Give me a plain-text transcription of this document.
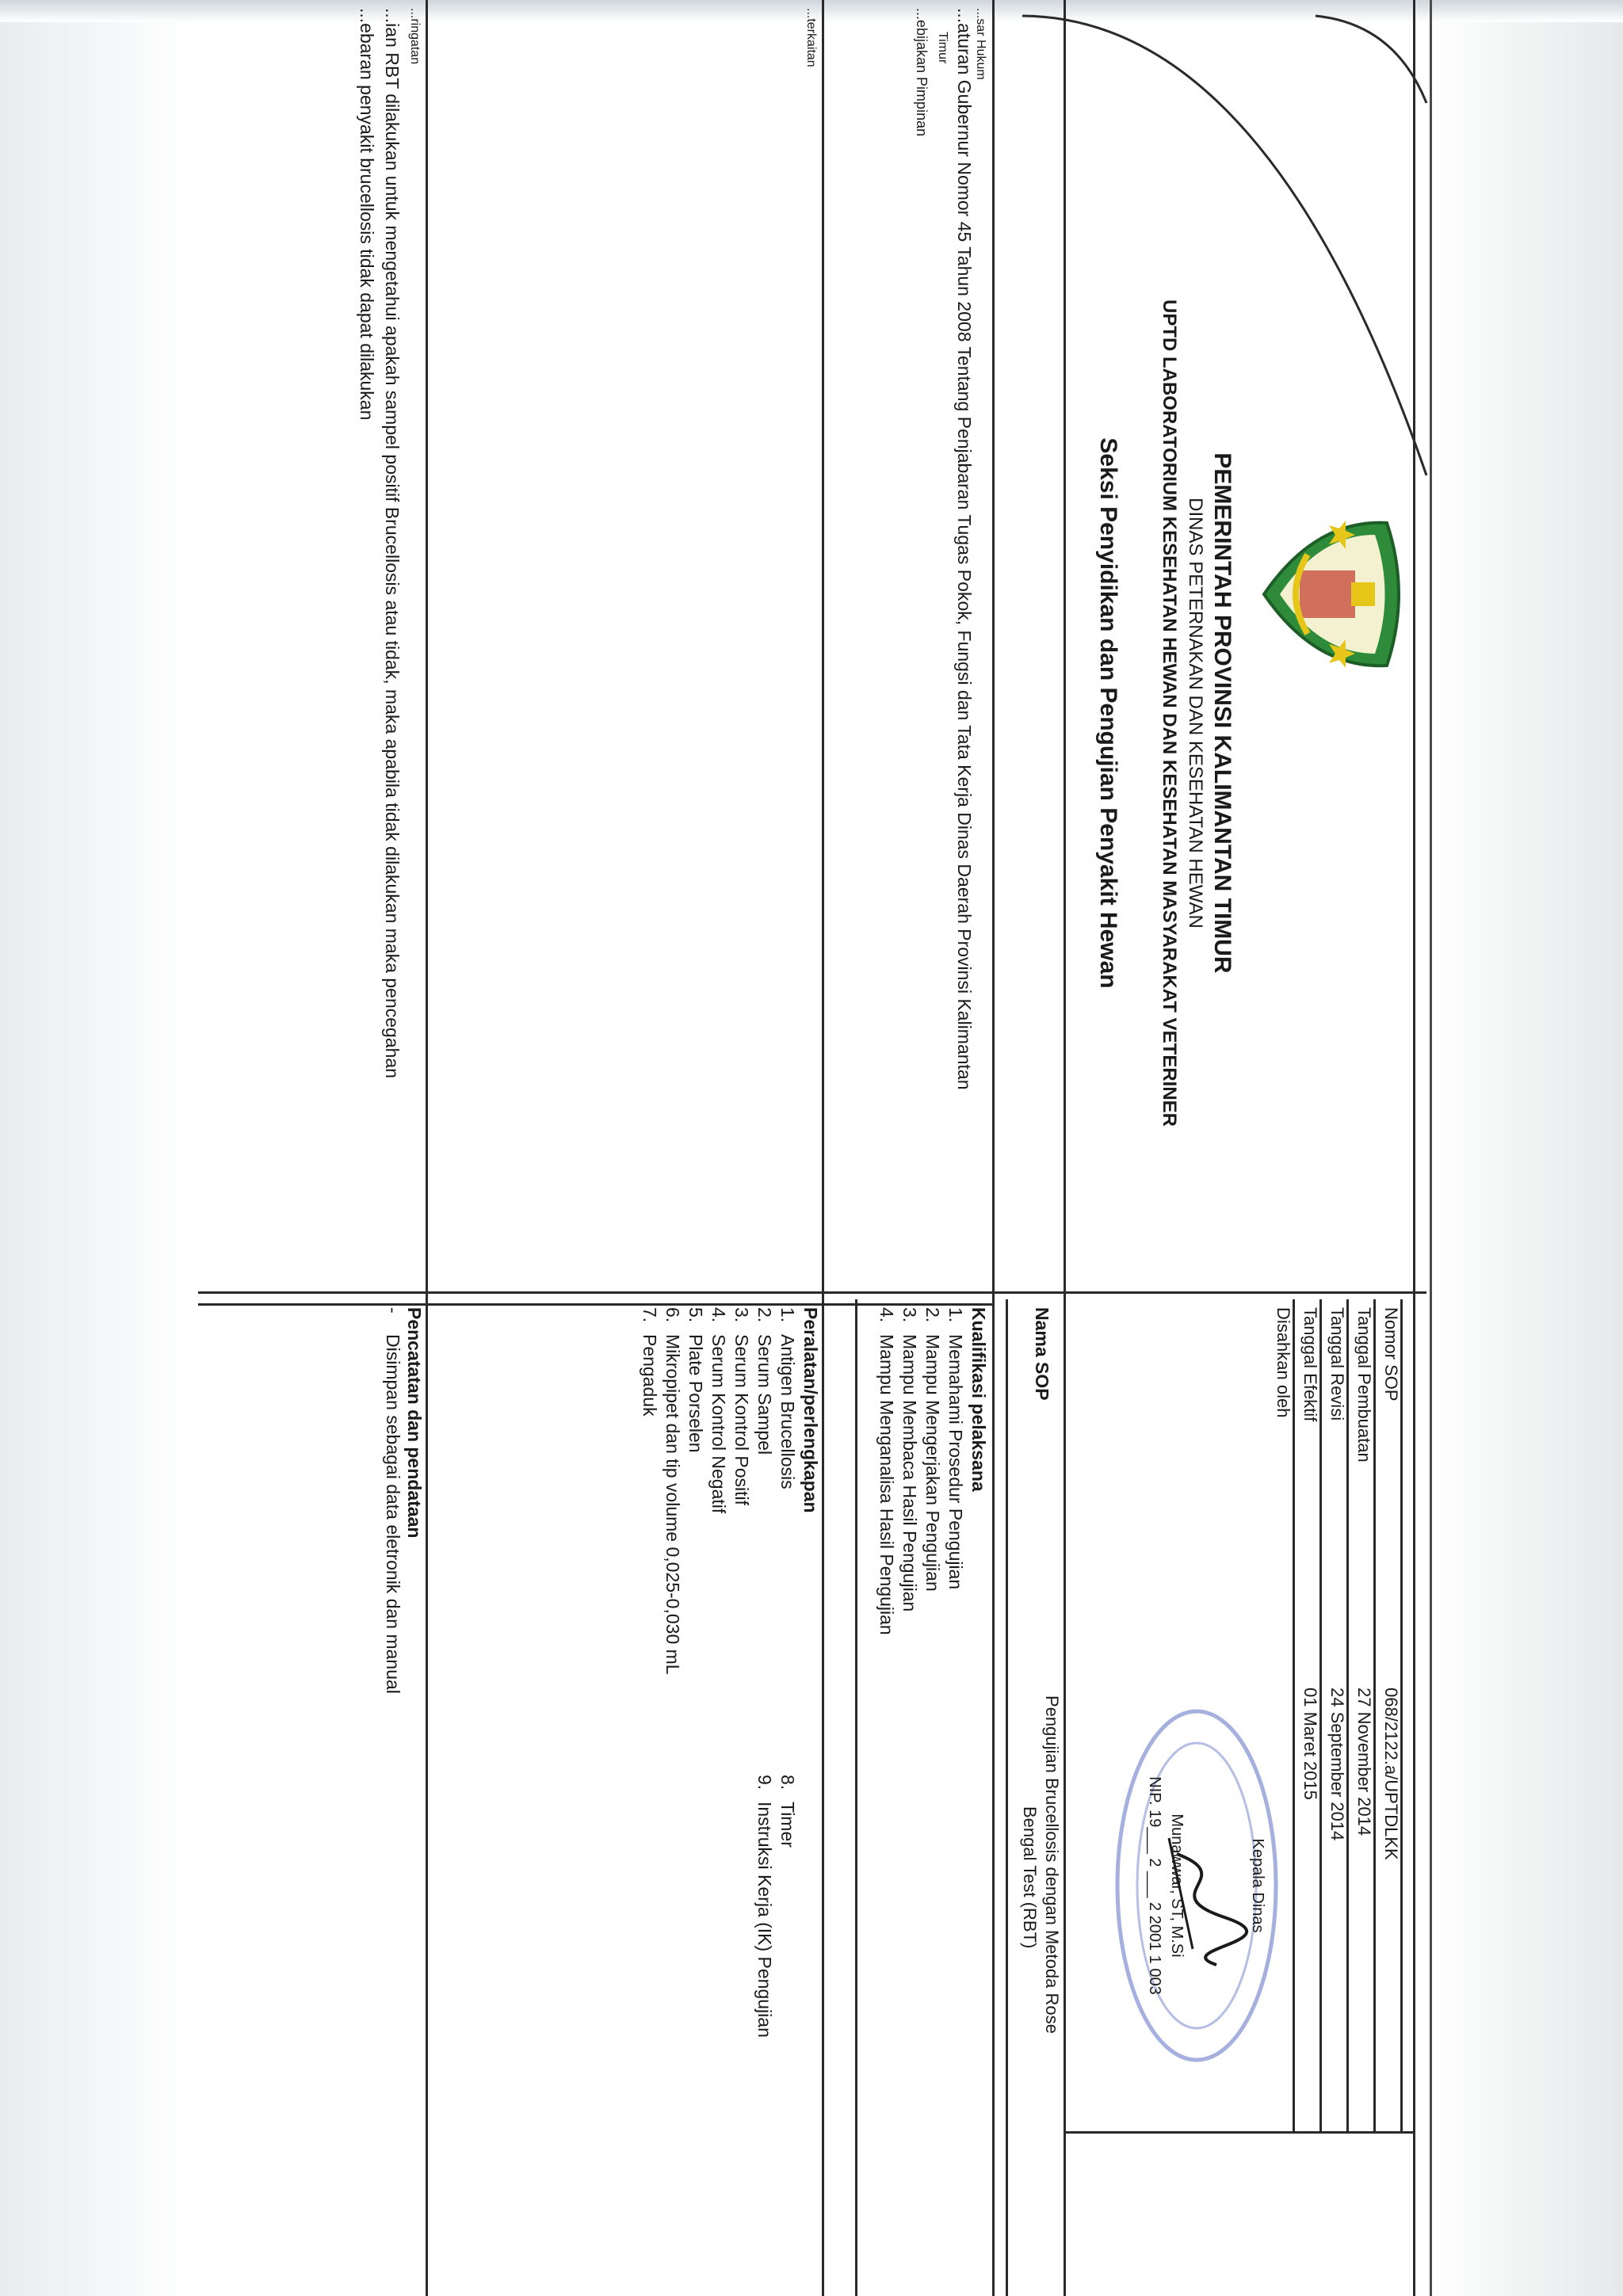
PEMERINTAH PROVINSI KALIMANTAN TIMUR
DINAS PETERNAKAN DAN KESEHATAN HEWAN
UPTD LABORATORIUM KESEHATAN HEWAN DAN KESEHATAN MASYARAKAT VETERINER
Seksi Penyidikan dan Pengujian Penyakit Hewan
Nomor SOP
068/2122.a/UPTDLKK
Tanggal Pembuatan
27 November 2014
Tanggal Revisi
24 September 2014
Tanggal Efektif
01 Maret 2015
Disahkan oleh
Kepala Dinas
Munawwar, ST, M.Si
NIP. 19___ 2 ___ 2 2001 1 003
Nama SOP
Pengujian Brucellosis dengan Metoda Rose
Bengal Test (RBT)
...sar Hukum
...aturan Gubernur Nomor 45 Tahun 2008 Tentang Penjabaran Tugas Pokok, Fungsi dan Tata Kerja Dinas Daerah Provinsi Kalimantan
Timur
...ebijakan Pimpinan
...terkaitan
...ringatan
...ian RBT dilakukan untuk mengetahui apakah sampel positif Brucellosis atau tidak, maka apabila tidak dilakukan maka pencegahan
...ebaran penyakit brucellosis tidak dapat dilakukan
Kualifikasi pelaksana
1.Memahami Prosedur Pengujian
2.Mampu Mengerjakan Pengujian
3.Mampu Membaca Hasil Pengujian
4.Mampu Menganalisa Hasil Pengujian
Peralatan/perlengkapan
1.Antigen Brucellosis
2.Serum Sampel
3.Serum Kontrol Positif
4.Serum Kontrol Negatif
5.Plate Porselen
6.Mikropipet dan tip volume 0,025-0,030 mL
7.Pengaduk
8.Timer
9.Instruksi Kerja (IK) Pengujian
Pencatatan dan pendataan
-Disimpan sebagai data eletronik dan manual
